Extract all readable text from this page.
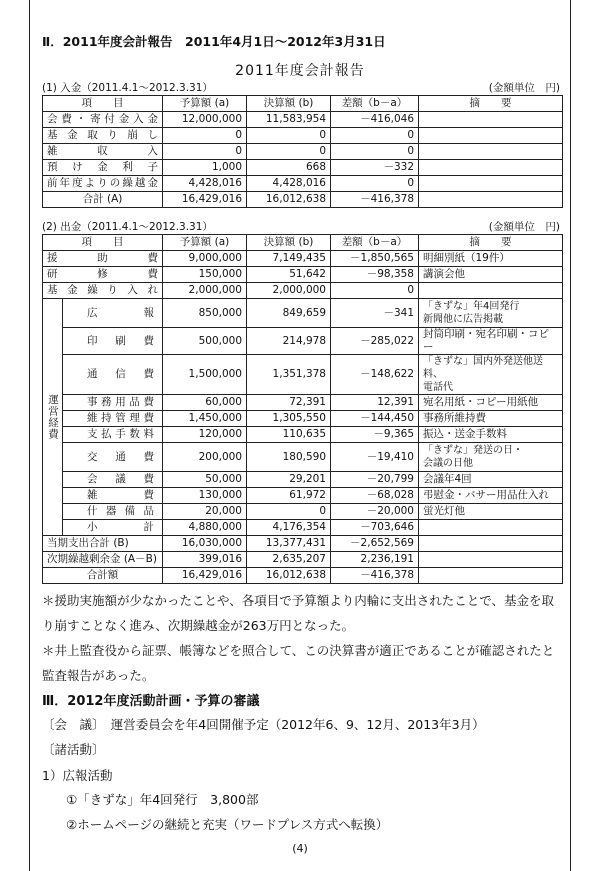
Ⅱ．2011年度会計報告　2011年4月1日～2012年3月31日
2011年度会計報告
(1) 入金（2011.4.1～2012.3.31）	(金額単位　円)
項　　目	予算額 (a)	決算額 (b)	差額（b－a）	摘　　要
会費・寄付金入金	12,000,000	11,583,954	－416,046	
基金取り崩し	0	0	0	
雑収入	0	0	0	
預け金利子	1,000	668	－332	
前年度よりの繰越金	4,428,016	4,428,016	0	
合計 (A)	16,429,016	16,012,638	－416,378	
(2) 出金（2011.4.1～2012.3.31）	(金額単位　円)
項　　目		予算額 (a)	決算額 (b)	差額（b－a）	摘　　要
援助費		9,000,000	7,149,435	－1,850,565	明細別紙（19件）
研修費		150,000	51,642	－98,358	講演会他
基金繰り入れ		2,000,000	2,000,000	0	
運営経費	広報	850,000	849,659	－341	「きずな」年4回発行
新聞他に広告掲載
	印刷費	500,000	214,978	－285,022	封筒印刷・宛名印刷・コピー
	通信費	1,500,000	1,351,378	－148,622	「きずな」国内外発送他送料、
電話代
	事務用品費	60,000	72,391	12,391	宛名用紙・コピー用紙他
	維持管理費	1,450,000	1,305,550	－144,450	事務所維持費
	支払手数料	120,000	110,635	－9,365	振込・送金手数料
	交通費	200,000	180,590	－19,410	「きずな」発送の日・
会議の日他
	会議費	50,000	29,201	－20,799	会議年4回
	雑費	130,000	61,972	－68,028	弔慰金・バサー用品仕入れ
	什器備品	20,000	0	－20,000	蛍光灯他
	小計	4,880,000	4,176,354	－703,646	
当期支出合計 (B)		16,030,000	13,377,431	－2,652,569	
次期繰越剰余金 (A－B)		399,016	2,635,207	2,236,191	
合計額		16,429,016	16,012,638	－416,378	
＊援助実施額が少なかったことや、各項目で予算額より内輪に支出されたことで、基金を取り崩すことなく進み、次期繰越金が263万円となった。
＊井上監査役から証票、帳簿などを照合して、この決算書が適正であることが確認されたと監査報告があった。
Ⅲ．2012年度活動計画・予算の審議
〔会　議〕　運営委員会を年4回開催予定（2012年6、9、12月、2013年3月）
〔諸活動〕
1）広報活動
①「きずな」年4回発行　3,800部
②ホームページの継続と充実（ワードプレス方式へ転換）
(4)
